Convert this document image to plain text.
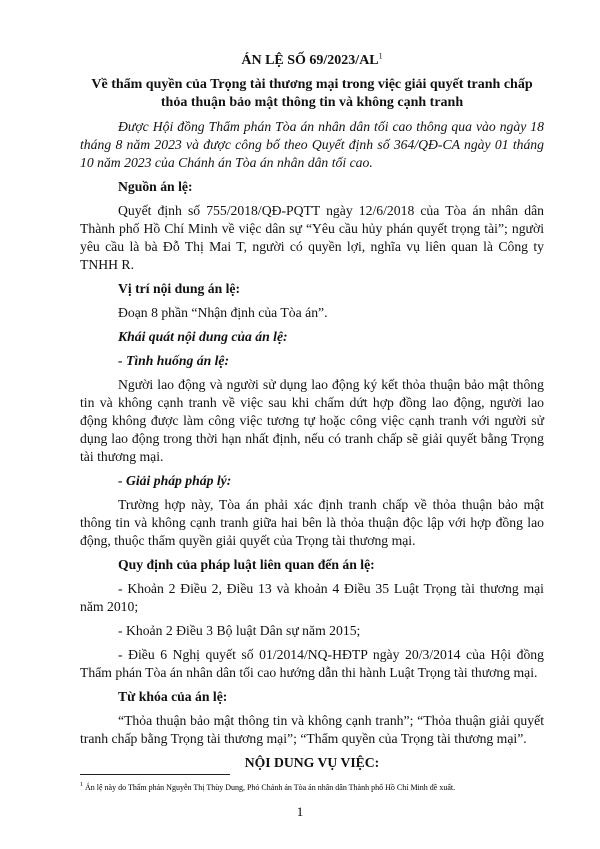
ÁN LỆ SỐ $69/2023/AL^1$
Về thẩm quyền của Trọng tài thương mại trong việc giải quyết tranh chấp
thỏa thuận bảo mật thông tin và không cạnh tranh

Được Hội đồng Thẩm phán Tòa án nhân dân tối cao thông qua vào ngày 18 tháng 8 năm 2023 và được công bố theo Quyết định số 364/QĐ-CA ngày 01 tháng 10 năm 2023 của Chánh án Tòa án nhân dân tối cao.

Nguồn án lệ:

Quyết định số 755/2018/QĐ-PQTT ngày 12/6/2018 của Tòa án nhân dân Thành phố Hồ Chí Minh về việc dân sự “Yêu cầu hủy phán quyết trọng tài”; người yêu cầu là bà Đỗ Thị Mai T, người có quyền lợi, nghĩa vụ liên quan là Công ty TNHH R.

Vị trí nội dung án lệ:

Đoạn 8 phần “Nhận định của Tòa án”.

Khái quát nội dung của án lệ:

- Tình huống án lệ:

Người lao động và người sử dụng lao động ký kết thỏa thuận bảo mật thông tin và không cạnh tranh về việc sau khi chấm dứt hợp đồng lao động, người lao động không được làm công việc tương tự hoặc công việc cạnh tranh với người sử dụng lao động trong thời hạn nhất định, nếu có tranh chấp sẽ giải quyết bằng Trọng tài thương mại.

- Giải pháp pháp lý:

Trường hợp này, Tòa án phải xác định tranh chấp về thỏa thuận bảo mật thông tin và không cạnh tranh giữa hai bên là thỏa thuận độc lập với hợp đồng lao động, thuộc thẩm quyền giải quyết của Trọng tài thương mại.

Quy định của pháp luật liên quan đến án lệ:

- Khoản 2 Điều 2, Điều 13 và khoản 4 Điều 35 Luật Trọng tài thương mại năm 2010;

- Khoản 2 Điều 3 Bộ luật Dân sự năm 2015;

- Điều 6 Nghị quyết số 01/2014/NQ-HĐTP ngày 20/3/2014 của Hội đồng Thẩm phán Tòa án nhân dân tối cao hướng dẫn thi hành Luật Trọng tài thương mại.

Từ khóa của án lệ:

“Thỏa thuận bảo mật thông tin và không cạnh tranh”; “Thỏa thuận giải quyết tranh chấp bằng Trọng tài thương mại”; “Thẩm quyền của Trọng tài thương mại”.

NỘI DUNG VỤ VIỆC:

$^1$ Án lệ này do Thẩm phán Nguyễn Thị Thùy Dung, Phó Chánh án Tòa án nhân dân Thành phố Hồ Chí Minh đề xuất.
1
